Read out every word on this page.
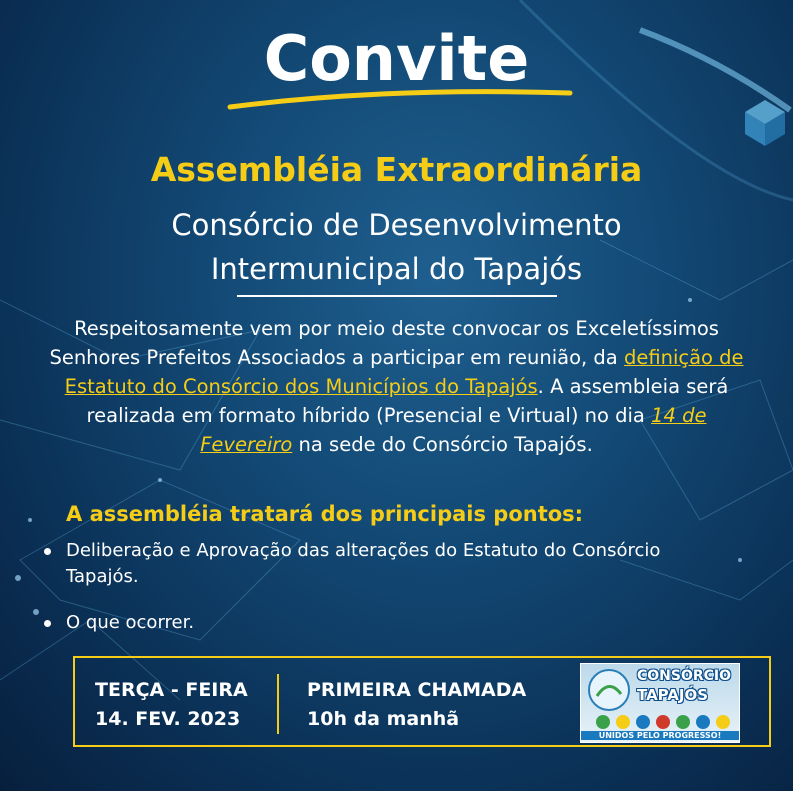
Convite
Assembléia Extraordinária
Consórcio de Desenvolvimento
Intermunicipal do Tapajós
Respeitosamente vem por meio deste convocar os Exceletíssimos Senhores Prefeitos Associados a participar em reunião, da definição de Estatuto do Consórcio dos Municípios do Tapajós. A assembleia será realizada em formato híbrido (Presencial e Virtual) no dia 14 de Fevereiro na sede do Consórcio Tapajós.
A assembléia tratará dos principais pontos:
Deliberação e Aprovação das alterações do Estatuto do Consórcio Tapajós.
O que ocorrer.
TERÇA - FEIRA
14. FEV. 2023
PRIMEIRA CHAMADA
10h da manhã
CONSÓRCIO
TAPAJÓS
UNIDOS PELO PROGRESSO!
